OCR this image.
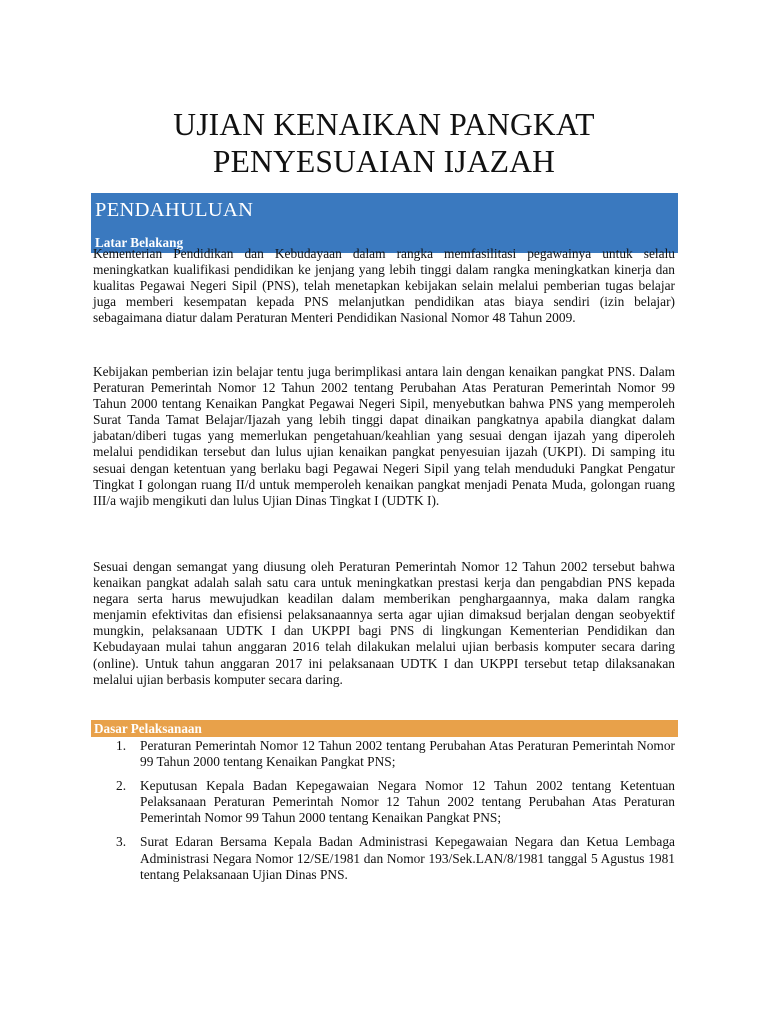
UJIAN KENAIKAN PANGKAT
PENYESUAIAN IJAZAH
PENDAHULUAN
Latar Belakang
Kementerian Pendidikan dan Kebudayaan dalam rangka memfasilitasi pegawainya untuk selalu meningkatkan kualifikasi pendidikan ke jenjang yang lebih tinggi dalam rangka meningkatkan kinerja dan kualitas Pegawai Negeri Sipil (PNS), telah menetapkan kebijakan selain melalui pemberian tugas belajar juga memberi kesempatan kepada PNS melanjutkan pendidikan atas biaya sendiri (izin belajar) sebagaimana diatur dalam Peraturan Menteri Pendidikan Nasional Nomor 48 Tahun 2009.
Kebijakan pemberian izin belajar tentu juga berimplikasi antara lain dengan kenaikan pangkat PNS. Dalam Peraturan Pemerintah Nomor 12 Tahun 2002 tentang Perubahan Atas Peraturan Pemerintah Nomor 99 Tahun 2000 tentang Kenaikan Pangkat Pegawai Negeri Sipil, menyebutkan bahwa PNS yang memperoleh Surat Tanda Tamat Belajar/Ijazah yang lebih tinggi dapat dinaikan pangkatnya apabila diangkat dalam jabatan/diberi tugas yang memerlukan pengetahuan/keahlian yang sesuai dengan ijazah yang diperoleh melalui pendidikan tersebut dan lulus ujian kenaikan pangkat penyesuian ijazah (UKPI). Di samping itu sesuai dengan ketentuan yang berlaku bagi Pegawai Negeri Sipil yang telah menduduki Pangkat Pengatur Tingkat I golongan ruang II/d untuk memperoleh kenaikan pangkat menjadi Penata Muda, golongan ruang III/a wajib mengikuti dan lulus Ujian Dinas Tingkat I (UDTK I).
Sesuai dengan semangat yang diusung oleh Peraturan Pemerintah Nomor 12 Tahun 2002 tersebut bahwa kenaikan pangkat adalah salah satu cara untuk meningkatkan prestasi kerja dan pengabdian PNS kepada negara serta harus mewujudkan keadilan dalam memberikan penghargaannya, maka dalam rangka menjamin efektivitas dan efisiensi pelaksanaannya serta agar ujian dimaksud berjalan dengan seobyektif mungkin, pelaksanaan UDTK I dan UKPPI bagi PNS di lingkungan Kementerian Pendidikan dan Kebudayaan mulai tahun anggaran 2016 telah dilakukan melalui ujian berbasis komputer secara daring (online). Untuk tahun anggaran 2017 ini pelaksanaan UDTK I dan UKPPI tersebut tetap dilaksanakan melalui ujian berbasis komputer secara daring.
Dasar Pelaksanaan
1. Peraturan Pemerintah Nomor 12 Tahun 2002 tentang Perubahan Atas Peraturan Pemerintah Nomor 99 Tahun 2000 tentang Kenaikan Pangkat PNS;
2. Keputusan Kepala Badan Kepegawaian Negara Nomor 12 Tahun 2002 tentang Ketentuan Pelaksanaan Peraturan Pemerintah Nomor 12 Tahun 2002 tentang Perubahan Atas Peraturan Pemerintah Nomor 99 Tahun 2000 tentang Kenaikan Pangkat PNS;
3. Surat Edaran Bersama Kepala Badan Administrasi Kepegawaian Negara dan Ketua Lembaga Administrasi Negara Nomor 12/SE/1981 dan Nomor 193/Sek.LAN/8/1981 tanggal 5 Agustus 1981 tentang Pelaksanaan Ujian Dinas PNS.
